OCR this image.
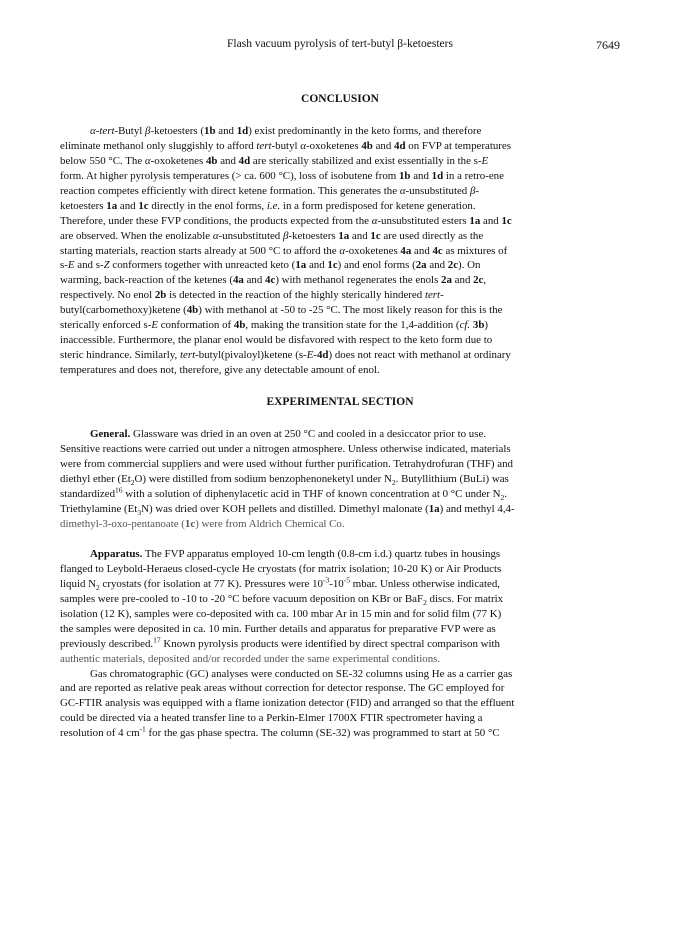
Flash vacuum pyrolysis of tert-butyl β-ketoesters	7649
CONCLUSION
α-tert-Butyl β-ketoesters (1b and 1d) exist predominantly in the keto forms, and therefore
eliminate methanol only sluggishly to afford tert-butyl α-oxoketenes 4b and 4d on FVP at temperatures
below 550 °C. The α-oxoketenes 4b and 4d are sterically stabilized and exist essentially in the s-E
form. At higher pyrolysis temperatures (> ca. 600 °C), loss of isobutene from 1b and 1d in a retro-ene
reaction competes efficiently with direct ketene formation. This generates the α-unsubstituted β-
ketoesters 1a and 1c directly in the enol forms, i.e. in a form predisposed for ketene generation.
Therefore, under these FVP conditions, the products expected from the α-unsubstituted esters 1a and 1c
are observed. When the enolizable α-unsubstituted β-ketoesters 1a and 1c are used directly as the
starting materials, reaction starts already at 500 °C to afford the α-oxoketenes 4a and 4c as mixtures of
s-E and s-Z conformers together with unreacted keto (1a and 1c) and enol forms (2a and 2c). On
warming, back-reaction of the ketenes (4a and 4c) with methanol regenerates the enols 2a and 2c,
respectively. No enol 2b is detected in the reaction of the highly sterically hindered tert-
butyl(carbomethoxy)ketene (4b) with methanol at -50 to -25 °C. The most likely reason for this is the
sterically enforced s-E conformation of 4b, making the transition state for the 1,4-addition (cf. 3b)
inaccessible. Furthermore, the planar enol would be disfavored with respect to the keto form due to
steric hindrance. Similarly, tert-butyl(pivaloyl)ketene (s-E-4d) does not react with methanol at ordinary
temperatures and does not, therefore, give any detectable amount of enol.
EXPERIMENTAL SECTION
General. Glassware was dried in an oven at 250 °C and cooled in a desiccator prior to use.
Sensitive reactions were carried out under a nitrogen atmosphere. Unless otherwise indicated, materials
were from commercial suppliers and were used without further purification. Tetrahydrofuran (THF) and
diethyl ether $(Et_2O)$ were distilled from sodium benzophenoneketyl under $N_2$. Butyllithium (BuLi) was
standardized$^{16}$ with a solution of diphenylacetic acid in THF of known concentration at 0 °C under $N_2$.
Triethylamine $(Et_3N)$ was dried over KOH pellets and distilled. Dimethyl malonate (1a) and methyl 4,4-
dimethyl-3-oxo-pentanoate (1c) were from Aldrich Chemical Co.
Apparatus. The FVP apparatus employed 10-cm length (0.8-cm i.d.) quartz tubes in housings
flanged to Leybold-Heraeus closed-cycle He cryostats (for matrix isolation; 10-20 K) or Air Products
liquid $N_2$ cryostats (for isolation at 77 K). Pressures were $10^{-3}-10^{-5}$ mbar. Unless otherwise indicated,
samples were pre-cooled to -10 to -20 °C before vacuum deposition on KBr or BaF$_2$ discs. For matrix
isolation (12 K), samples were co-deposited with ca. 100 mbar Ar in 15 min and for solid film (77 K)
the samples were deposited in ca. 10 min. Further details and apparatus for preparative FVP were as
previously described.$^{17}$ Known pyrolysis products were identified by direct spectral comparison with
authentic materials, deposited and/or recorded under the same experimental conditions.
Gas chromatographic (GC) analyses were conducted on SE-32 columns using He as a carrier gas
and are reported as relative peak areas without correction for detector response. The GC employed for
GC-FTIR analysis was equipped with a flame ionization detector (FID) and arranged so that the effluent
could be directed via a heated transfer line to a Perkin-Elmer 1700X FTIR spectrometer having a
resolution of 4 $cm^{-1}$ for the gas phase spectra. The column (SE-32) was programmed to start at 50 °C
